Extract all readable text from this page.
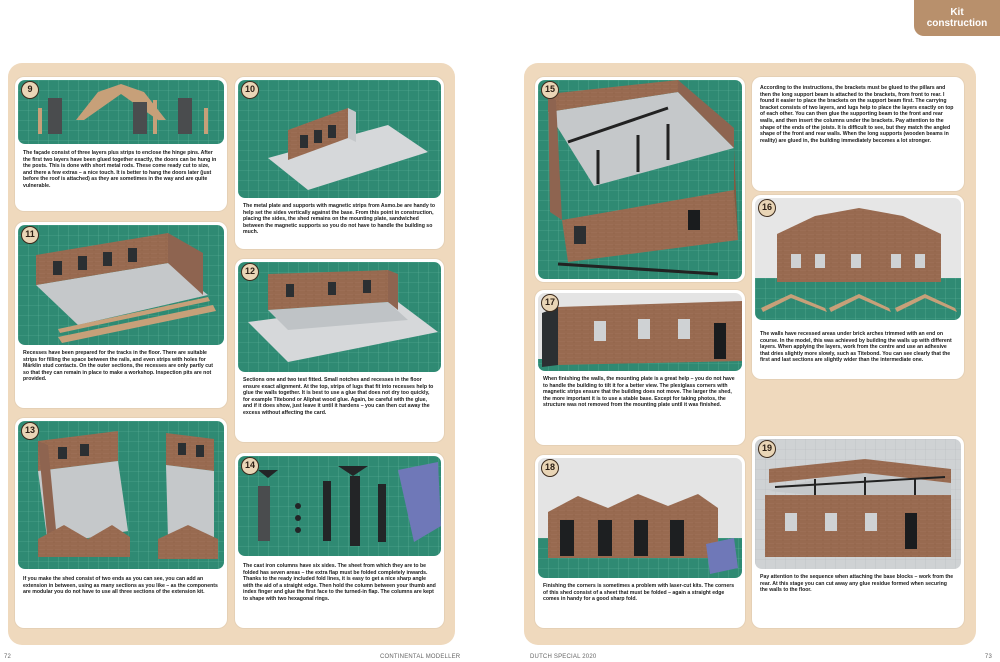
9
The façade consist of three layers plus strips to enclose the hinge pins. After the first two layers have been glued together exactly, the doors can be hung in the posts. This is done with short metal rods. These come ready cut to size, and there a few extras – a nice touch. It is better to hang the doors later (just before the roof is attached) as they are sometimes in the way and are quite vulnerable.
10
The metal plate and supports with magnetic strips from Asmo.be are handy to help set the sides vertically against the base. From this point in construction, placing the sides, the shed remains on the mounting plate, sandwiched between the magnetic supports so you do not have to handle the building so much.
11
Recesses have been prepared for the tracks in the floor. There are suitable strips for filling the space between the rails, and even strips with holes for Märklin stud contacts. On the outer sections, the recesses are only partly cut so that they can remain in place to make a workshop. Inspection pits are not provided.
12
Sections one and two test fitted. Small notches and recesses in the floor ensure exact alignment. At the top, strips of lugs that fit into recesses help to glue the walls together. It is best to use a glue that does not dry too quickly, for example Titebond or Aliphat wood glue. Again, be careful with the glue, and if it does show, just leave it until it hardens – you can then cut away the excess without affecting the card.
13
If you make the shed consist of two ends as you can see, you can add an extension in between, using as many sections as you like – as the components are modular you do not have to use all three sections of the extension kit.
14
The cast iron columns have six sides. The sheet from which they are to be folded has seven areas – the extra flap must be folded completely inwards. Thanks to the ready included fold lines, it is easy to get a nice sharp angle with the aid of a straight edge. Then hold the column between your thumb and index finger and glue the first face to the turned-in flap. The columns are kept to shape with two hexagonal rings.
72	CONTINENTAL MODELLER
Kit
construction
15	According to the instructions, the brackets must be glued to the pillars and then the long support beam is attached to the brackets, from front to rear. I found it easier to place the brackets on the support beam first. The carrying bracket consists of two layers, and lugs help to place the layers exactly on top of each other. You can then glue the supporting beam to the front and rear walls, and then insert the columns under the brackets. Pay attention to the shape of the ends of the joists. It is difficult to see, but they match the angled shape of the front and rear walls. When the long supports (wooden beams in reality) are glued in, the building immediately becomes a lot stronger.
16
The walls have recessed areas under brick arches trimmed with an end on course. In the model, this was achieved by building the walls up with different layers. When applying the layers, work from the centre and use an adhesive that dries slightly more slowly, such as Titebond. You can see clearly that the first and last sections are slightly wider than the intermediate one.
17
When finishing the walls, the mounting plate is a great help – you do not have to handle the building to tilt it for a better view. The plexiglass corners with magnetic strips ensure that the building does not move. The larger the shed, the more important it is to use a stable base. Except for taking photos, the structure was not removed from the mounting plate until it was finished.
18
Finishing the corners is sometimes a problem with laser-cut kits. The corners of this shed consist of a sheet that must be folded – again a straight edge comes in handy for a good sharp fold.
19
Pay attention to the sequence when attaching the base blocks – work from the rear. At this stage you can cut away any glue residue formed when securing the walls to the floor.
DUTCH SPECIAL 2020	73
